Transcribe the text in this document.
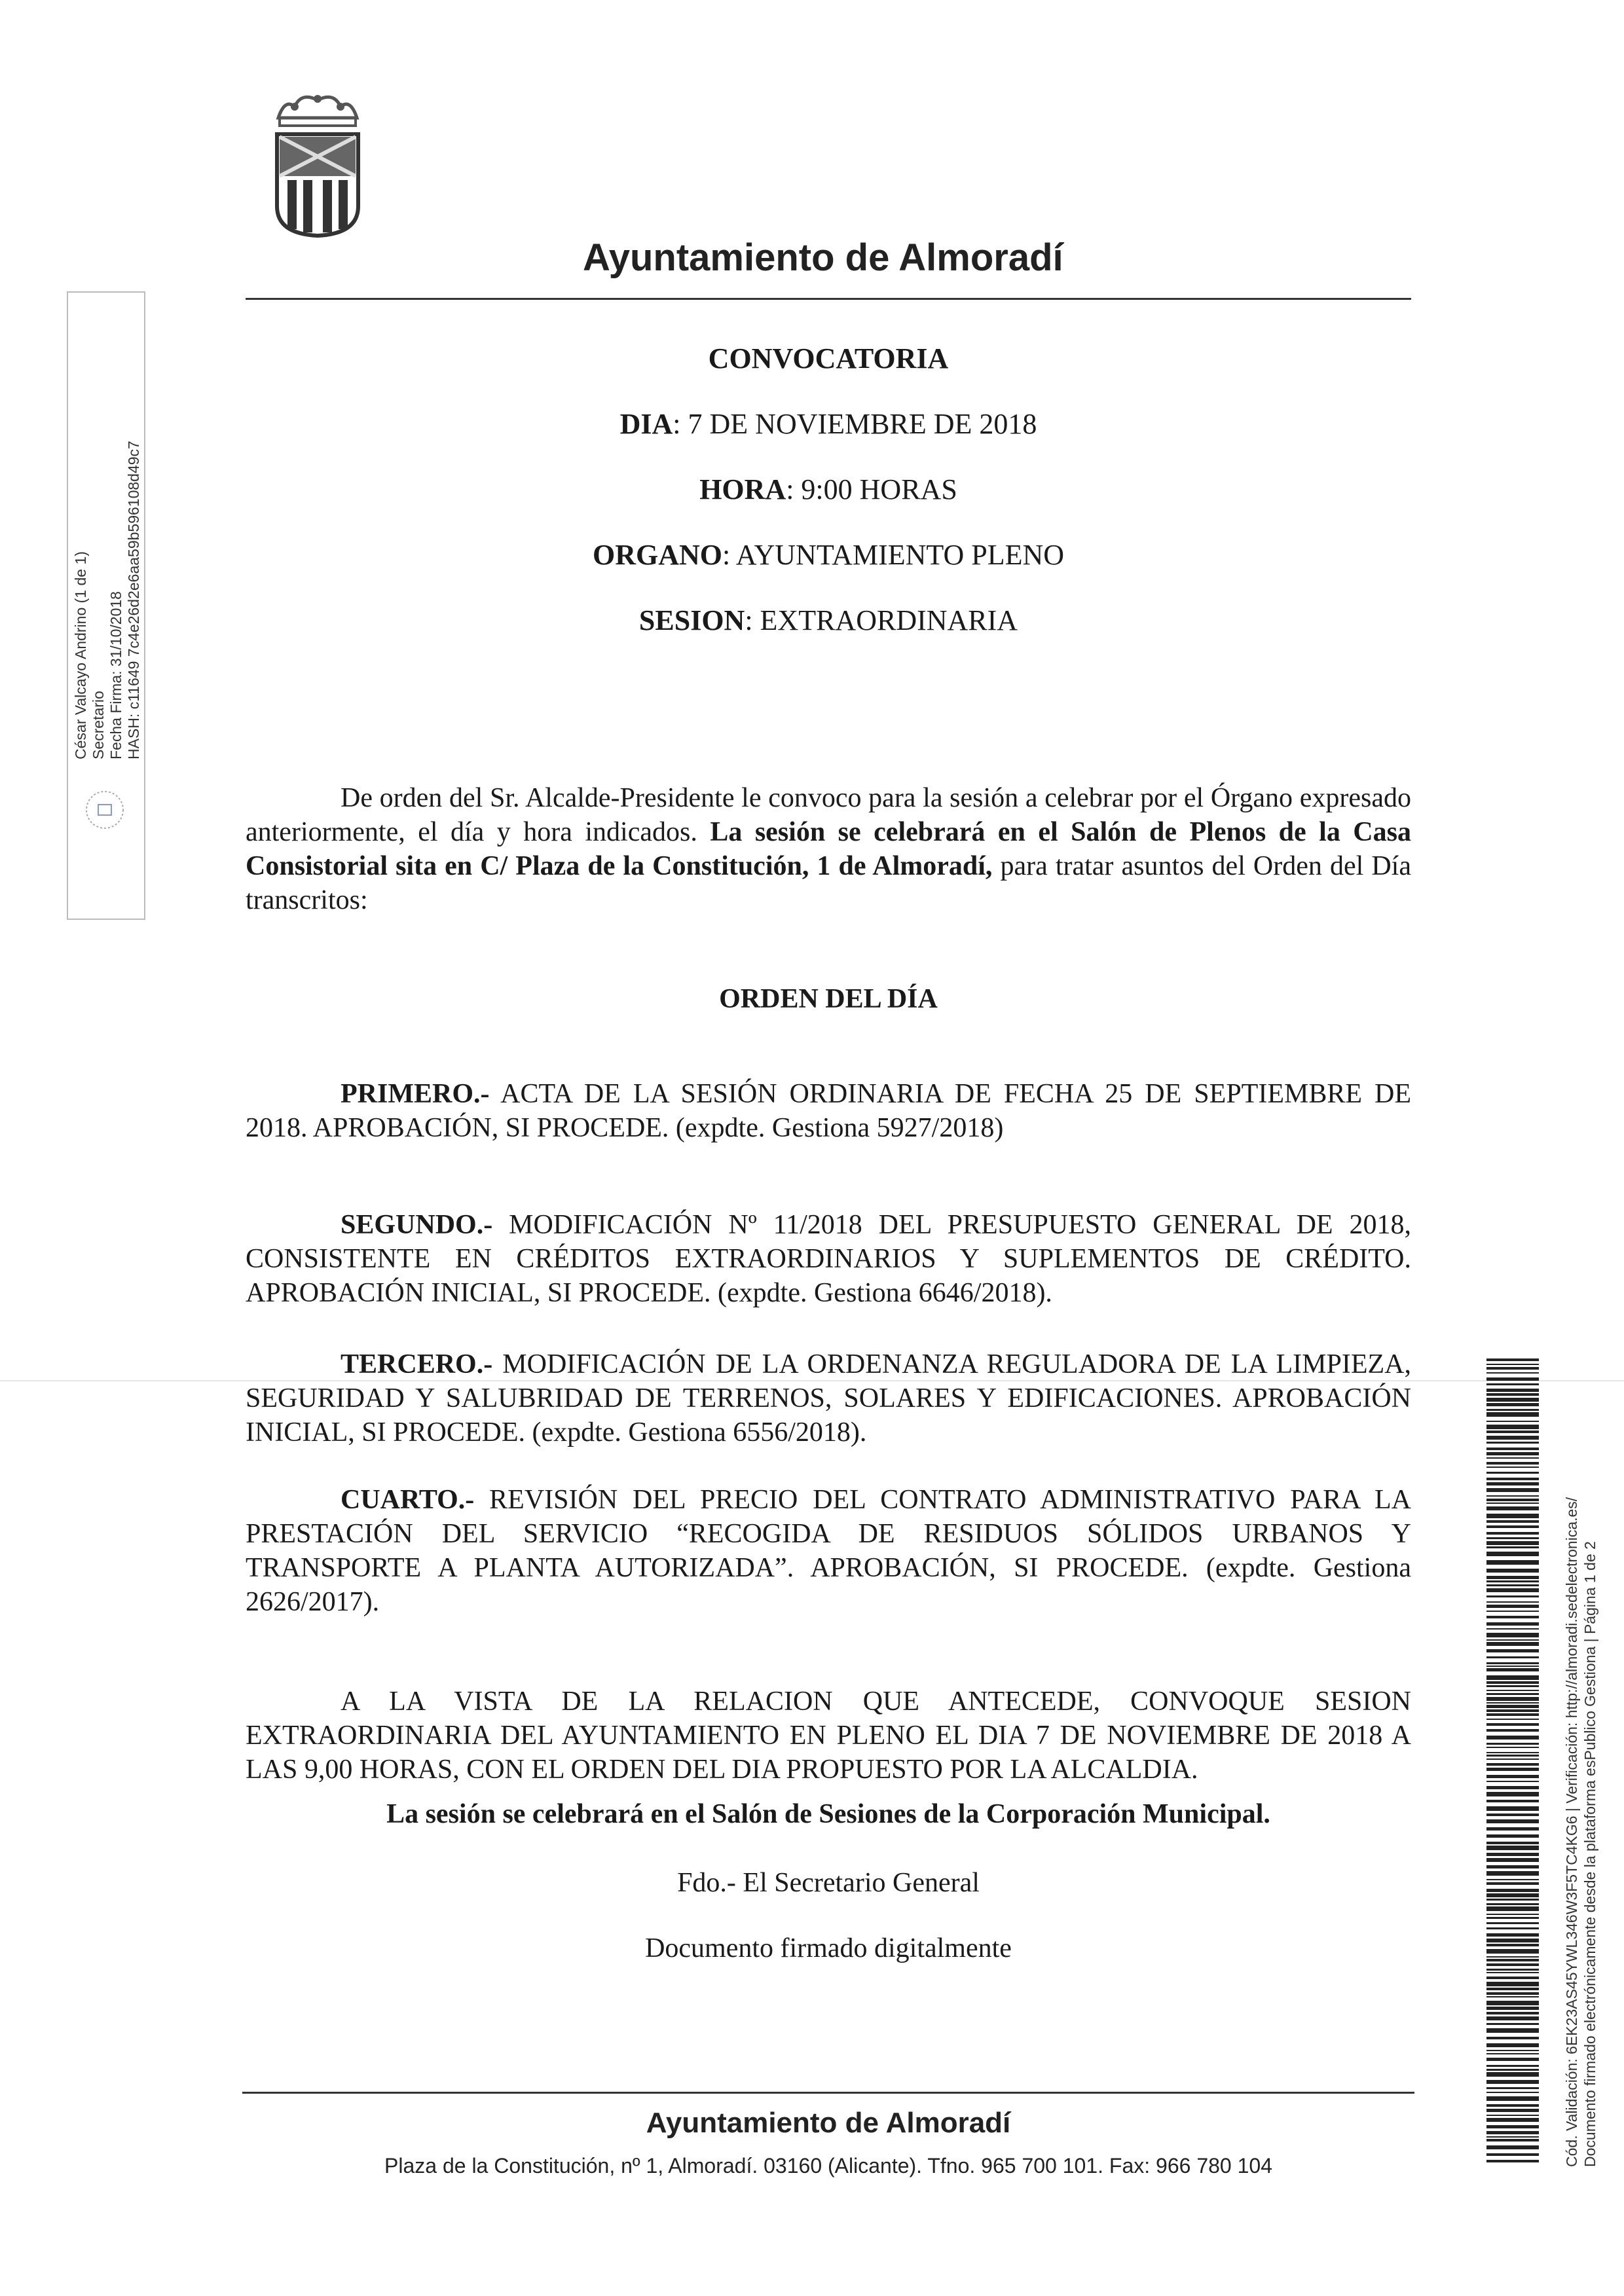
Ayuntamiento de Almoradí
César Valcayo Andrino (1 de 1) Secretario Fecha Firma: 31/10/2018 HASH: c11649 7c4e26d2e6aa59b596108d49c7
CONVOCATORIA
DIA: 7 DE NOVIEMBRE DE 2018
HORA: 9:00 HORAS
ORGANO: AYUNTAMIENTO PLENO
SESION: EXTRAORDINARIA
De orden del Sr. Alcalde-Presidente le convoco para la sesión a celebrar por el Órgano expresado anteriormente, el día y hora indicados. La sesión se celebrará en el Salón de Plenos de la Casa Consistorial sita en C/ Plaza de la Constitución, 1 de Almoradí, para tratar asuntos del Orden del Día transcritos:
ORDEN DEL DÍA
PRIMERO.- ACTA DE LA SESIÓN ORDINARIA DE FECHA 25 DE SEPTIEMBRE DE 2018. APROBACIÓN, SI PROCEDE. (expdte. Gestiona 5927/2018)
SEGUNDO.- MODIFICACIÓN Nº 11/2018 DEL PRESUPUESTO GENERAL DE 2018, CONSISTENTE EN CRÉDITOS EXTRAORDINARIOS Y SUPLEMENTOS DE CRÉDITO. APROBACIÓN INICIAL, SI PROCEDE. (expdte. Gestiona 6646/2018).
TERCERO.- MODIFICACIÓN DE LA ORDENANZA REGULADORA DE LA LIMPIEZA, SEGURIDAD Y SALUBRIDAD DE TERRENOS, SOLARES Y EDIFICACIONES. APROBACIÓN INICIAL, SI PROCEDE. (expdte. Gestiona 6556/2018).
CUARTO.- REVISIÓN DEL PRECIO DEL CONTRATO ADMINISTRATIVO PARA LA PRESTACIÓN DEL SERVICIO “RECOGIDA DE RESIDUOS SÓLIDOS URBANOS Y TRANSPORTE A PLANTA AUTORIZADA”. APROBACIÓN, SI PROCEDE. (expdte. Gestiona 2626/2017).
A LA VISTA DE LA RELACION QUE ANTECEDE, CONVOQUE SESION EXTRAORDINARIA DEL AYUNTAMIENTO EN PLENO EL DIA 7 DE NOVIEMBRE DE 2018 A LAS 9,00 HORAS, CON EL ORDEN DEL DIA PROPUESTO POR LA ALCALDIA.
La sesión se celebrará en el Salón de Sesiones de la Corporación Municipal.
Fdo.- El Secretario General
Documento firmado digitalmente
Ayuntamiento de Almoradí
Plaza de la Constitución, nº 1, Almoradí. 03160 (Alicante). Tfno. 965 700 101. Fax: 966 780 104	Cód. Validación: 6EK23AS45YWL346W3F5TC4KG6 | Verificación: http://almoradi.sedelectronica.es/ Documento firmado electrónicamente desde la plataforma esPublico Gestiona | Página 1 de 2
